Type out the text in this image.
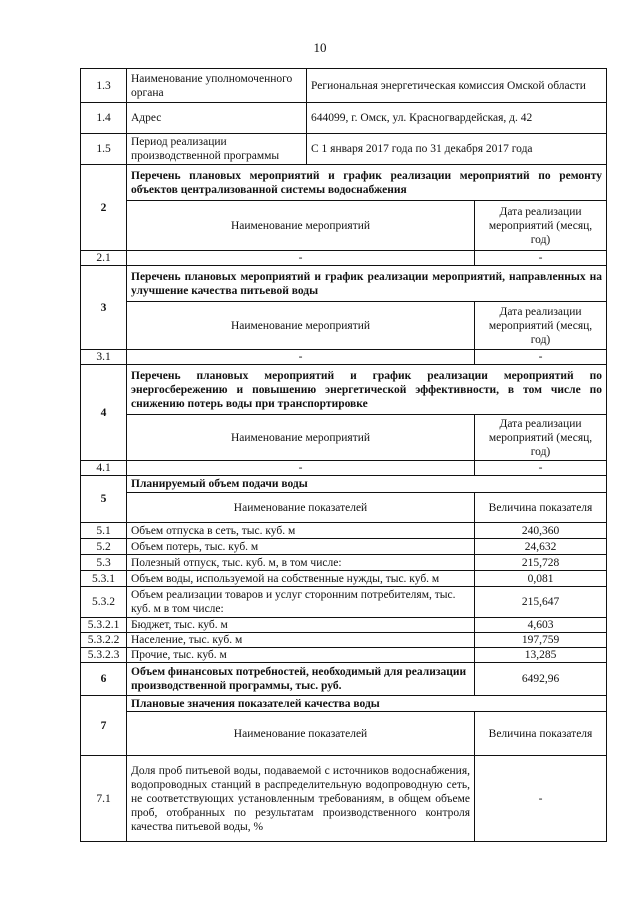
10
1.3	Наименование уполномоченного органа	Региональная энергетическая комиссия Омской области	
1.4	Адрес	644099, г. Омск, ул. Красногвардейская, д. 42	
1.5	Период реализации производственной программы	С 1 января 2017 года по 31 декабря 2017 года	
2	Перечень плановых мероприятий и график реализации мероприятий по ремонту объектов централизованной системы водоснабжения		
	Наименование мероприятий		Дата реализации мероприятий (месяц, год)
2.1	-		-
3	Перечень плановых мероприятий и график реализации мероприятий, направленных на улучшение качества питьевой воды		
	Наименование мероприятий		Дата реализации мероприятий (месяц, год)
3.1	-		-
4	Перечень плановых мероприятий и график реализации мероприятий по энергосбережению и повышению энергетической эффективности, в том числе по снижению потерь воды при транспортировке		
	Наименование мероприятий		Дата реализации мероприятий (месяц, год)
4.1	-		-
5	Планируемый объем подачи воды		
	Наименование показателей		Величина показателя
5.1	Объем отпуска в сеть, тыс. куб. м		240,360
5.2	Объем потерь, тыс. куб. м		24,632
5.3	Полезный отпуск, тыс. куб. м, в том числе:		215,728
5.3.1	Объем воды, используемой на собственные нужды, тыс. куб. м		0,081
5.3.2	Объем реализации товаров и услуг сторонним потребителям, тыс. куб. м в том числе:		215,647
5.3.2.1	Бюджет, тыс. куб. м		4,603
5.3.2.2	Население, тыс. куб. м		197,759
5.3.2.3	Прочие, тыс. куб. м		13,285
6	Объем финансовых потребностей, необходимый для реализации производственной программы, тыс. руб.		6492,96
7	Плановые значения показателей качества воды		
	Наименование показателей		Величина показателя
7.1	Доля проб питьевой воды, подаваемой с источников водоснабжения, водопроводных станций в распределительную водопроводную сеть, не соответствующих установленным требованиям, в общем объеме проб, отобранных по результатам производственного контроля качества питьевой воды, %		-
